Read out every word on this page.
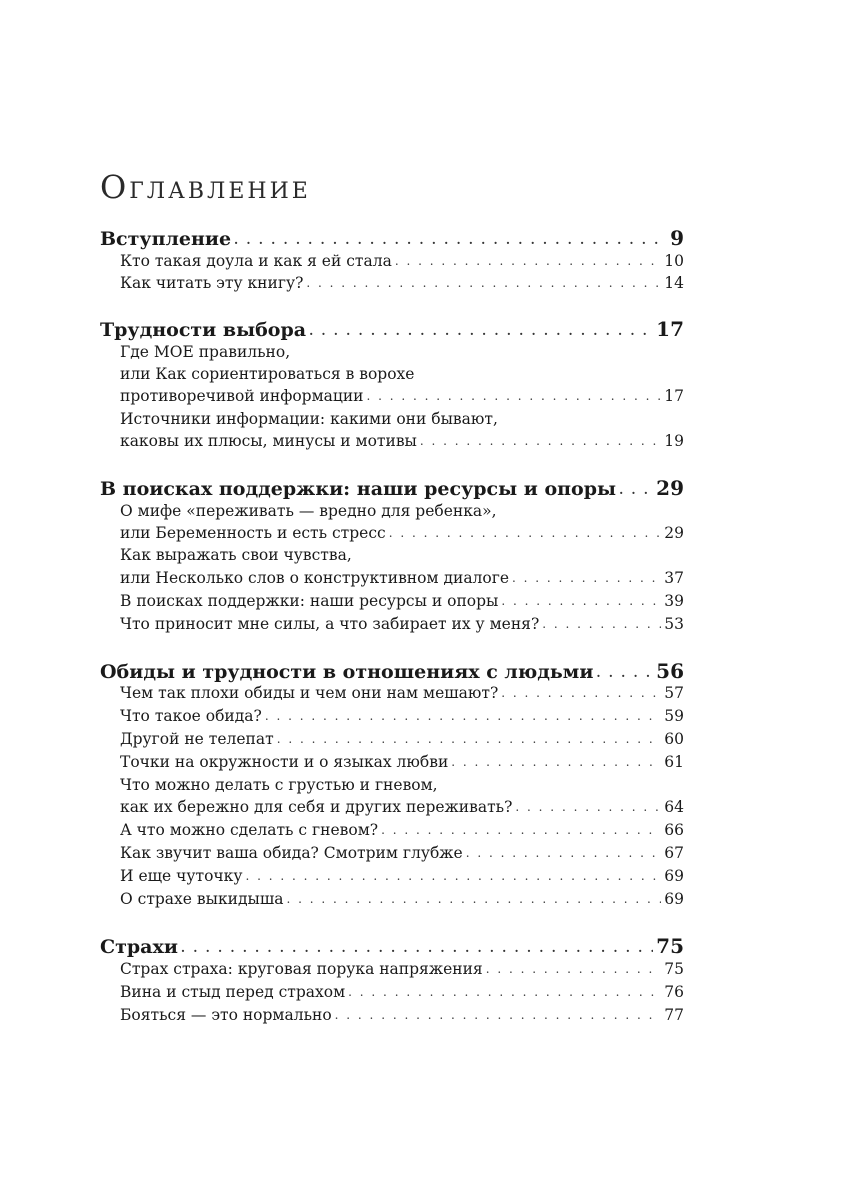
Оглавление
Вступление . . .	9
Кто такая доула и как я ей стала . . .	10
Как читать эту книгу? . . .	14
Трудности выбора . . .	17
Где МОЕ правильно,
или Как сориентироваться в ворохе
противоречивой информации . . .	17
Источники информации: какими они бывают,
каковы их плюсы, минусы и мотивы . . .	19
В поисках поддержки: наши ресурсы и опоры . . . 29
О мифе «переживать — вредно для ребенка»,
или Беременность и есть стресс . . .	29
Как выражать свои чувства,
или Несколько слов о конструктивном диалоге . . .	37
В поисках поддержки: наши ресурсы и опоры . . .	39
Что приносит мне силы, а что забирает их у меня? . . .	53
Обиды и трудности в отношениях с людьми . . .	56
Чем так плохи обиды и чем они нам мешают? . . .	57
Что такое обида? . . .	59
Другой не телепат . . .	60
Точки на окружности и о языках любви . . .	61
Что можно делать с грустью и гневом,
как их бережно для себя и других переживать? . . .	64
А что можно сделать с гневом? . . .	66
Как звучит ваша обида? Смотрим глубже . . .	67
И еще чуточку . . .	69
О страхе выкидыша . . .	69
Страхи . . .	75
Страх страха: круговая порука напряжения . . .	75
Вина и стыд перед страхом . . .	76
Бояться — это нормально . . .	77
